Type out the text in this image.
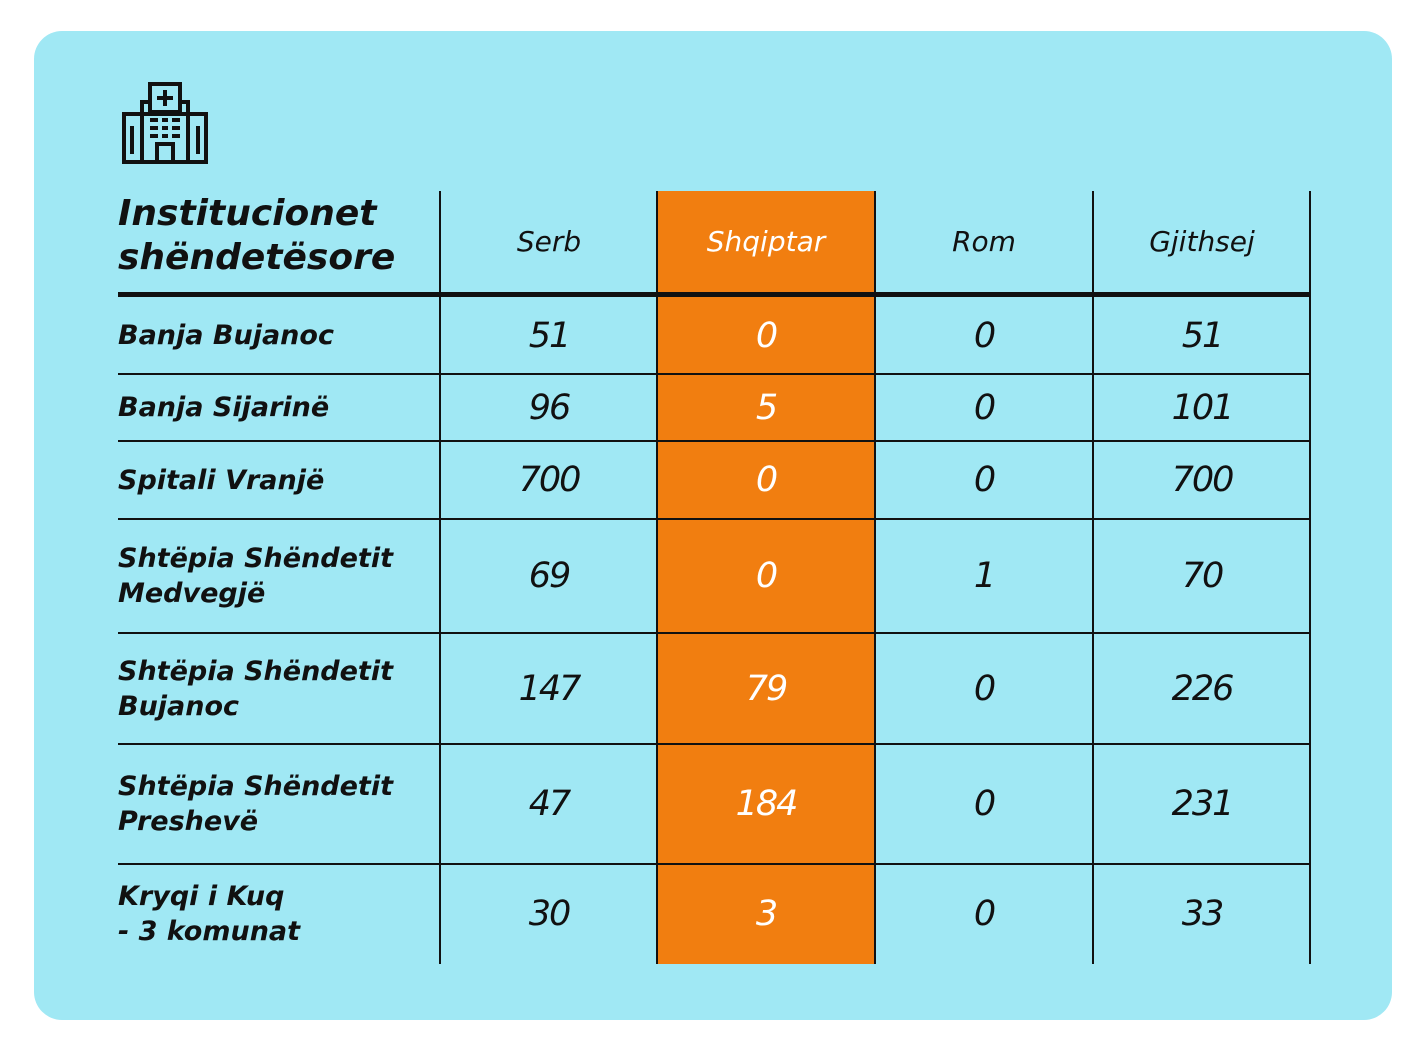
Institucionet shëndetësore	Serb	Shqiptar	Rom	Gjithsej
Banja Bujanoc	51	0	0	51
Banja Sijarinë	96	5	0	101
Spitali Vranjë	700	0	0	700
Shtëpia Shëndetit
Medvegjë	69	0	1	70
Shtëpia Shëndetit
Bujanoc	147	79	0	226
Shtëpia Shëndetit
Preshevë	47	184	0	231
Kryqi i Kuq
- 3 komunat	30	3	0	33
